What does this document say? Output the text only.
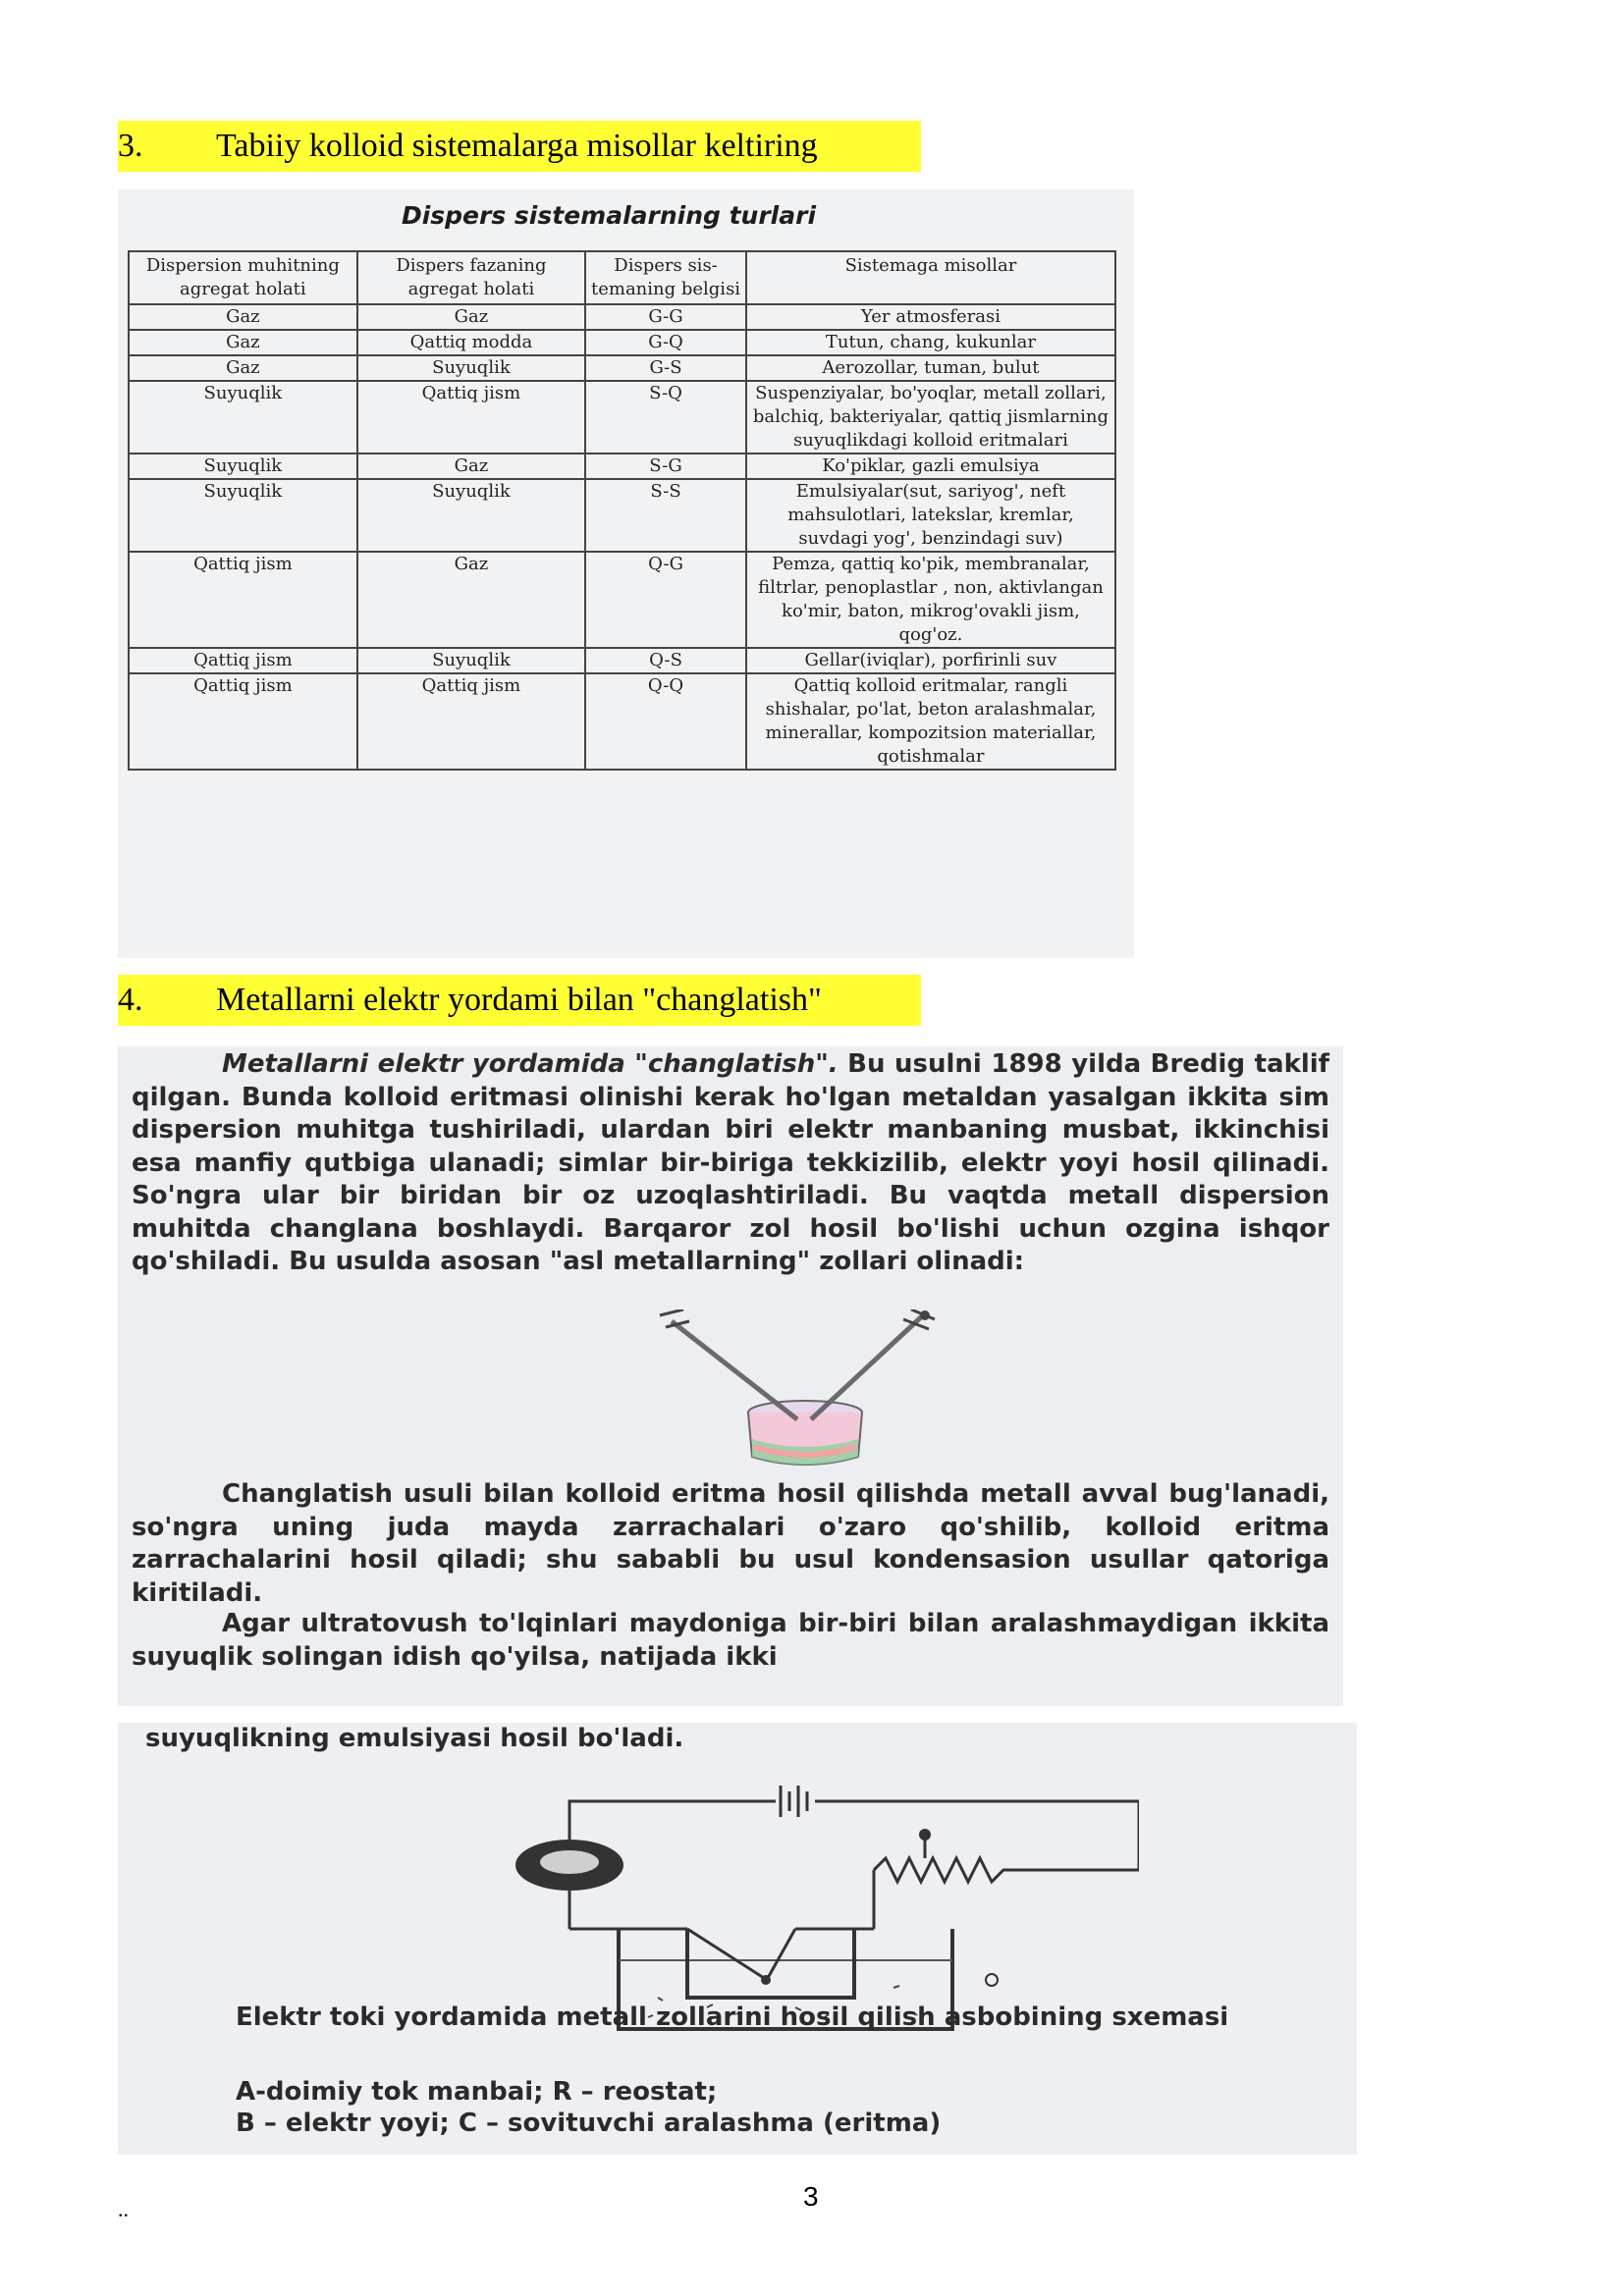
3.	Tabiiy kolloid sistemalarga misollar keltiring
Dispers sistemalarning turlari
Dispersion muhitning agregat holati	Dispers fazaning agregat holati	Dispers sis-temaning belgisi	Sistemaga misollar
Gaz	Gaz	G-G	Yer atmosferasi
Gaz	Qattiq modda	G-Q	Tutun, chang, kukunlar
Gaz	Suyuqlik	G-S	Aerozollar, tuman, bulut
Suyuqlik	Qattiq jism	S-Q	Suspenziyalar, bo'yoqlar, metall zollari, balchiq, bakteriyalar, qattiq jismlarning suyuqlikdagi kolloid eritmalari
Suyuqlik	Gaz	S-G	Ko'piklar, gazli emulsiya
Suyuqlik	Suyuqlik	S-S	Emulsiyalar(sut, sariyog', neft mahsulotlari, latekslar, kremlar, suvdagi yog', benzindagi suv)
Qattiq jism	Gaz	Q-G	Pemza, qattiq ko'pik, membranalar, filtrlar, penoplastlar , non, aktivlangan ko'mir, baton, mikrog'ovakli jism, qog'oz.
Qattiq jism	Suyuqlik	Q-S	Gellar(iviqlar), porfirinli suv
Qattiq jism	Qattiq jism	Q-Q	Qattiq kolloid eritmalar, rangli shishalar, po'lat, beton aralashmalar, minerallar, kompozitsion materiallar, qotishmalar
4.	Metallarni elektr yordami bilan "changlatish"
Metallarni elektr yordamida "changlatish". Bu usulni 1898 yilda Bredig taklif qilgan. Bunda kolloid eritmasi olinishi kerak ho'lgan metaldan yasalgan ikkita sim dispersion muhitga tushiriladi, ulardan biri elektr manbaning musbat, ikkinchisi esa manfiy qutbiga ulanadi; simlar bir-biriga tekkizilib, elektr yoyi hosil qilinadi. So'ngra ular bir biridan bir oz uzoqlashtiriladi. Bu vaqtda metall dispersion muhitda changlana boshlaydi. Barqaror zol hosil bo'lishi uchun ozgina ishqor qo'shiladi. Bu usulda asosan "asl metallarning" zollari olinadi:
Changlatish usuli bilan kolloid eritma hosil qilishda metall avval bug'lanadi, so'ngra uning juda mayda zarrachalari o'zaro qo'shilib, kolloid eritma zarrachalarini hosil qiladi; shu sababli bu usul kondensasion usullar qatoriga kiritiladi.
Agar ultratovush to'lqinlari maydoniga bir-biri bilan aralashmaydigan ikkita suyuqlik solingan idish qo'yilsa, natijada ikki
suyuqlikning emulsiyasi hosil bo'ladi.
Elektr toki yordamida metall zollarini hosil qilish asbobining sxemasi
A-doimiy tok manbai; R – reostat;
B – elektr yoyi; C – sovituvchi aralashma (eritma)
..	3
